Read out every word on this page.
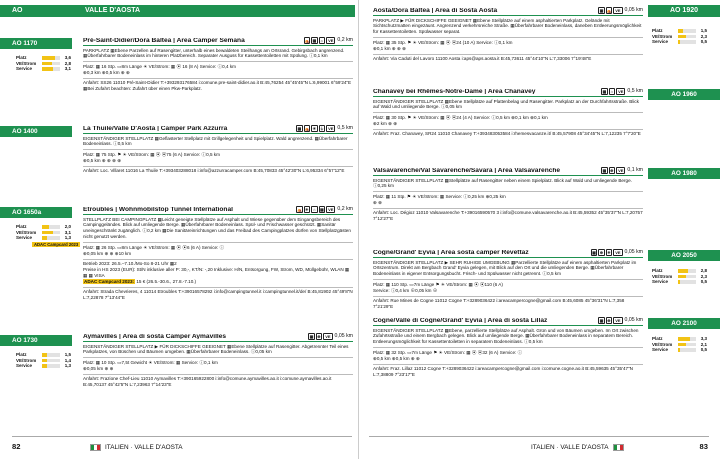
AO	VALLE D'AOSTA
AO 1170
AO 1400
AO 1650a
AO 1730
Platz	3,6
VE/Strom	2,8
Service	3,1
Platz	2,0
VE/Strom	3,1
Service	1,3
ADAC Campcard 2023
Platz	1,5
VE/Strom	1,4
Service	1,3
Pré-Saint-Didier/Dora Baltea | Area Camper Semana	⛺ ▦ ☼	VE 0,2 km
PARKPLATZ ▦Ebene Parzellen auf Rasengitter, unterhalb eines bewaldeten Steilhangs am Ortsrand. Gebirgsbach angrenzend. ▦Überfahrbarer Bodeneinlass im hinteren Platzbereich. Separater Ausguss für Kassettentoiletten mit Spülung. ⓘ0,1 km
Platz: ▦ 16 Stp. ▭8m Länge ☀ VE/Strom: ▦ ⦿ 16 (8 A) Service: ⓘ0,4 km
⊕0,3 km ⊕0,5 km ⊕ ⊕
Anfahrt: SS26 11010 Pré-Saint-Didier T:+393293176584 i:comune.pre-saint-didier.ao.it B:45,76254 45°45'45"N L:6,99001 6°59'24"E ▦Bei Zufahrt beachten: Zufahrt über einen Pkw-Parkplatz.
La Thuile/Valle D'Aosta | Camper Park Azzurra	▦ ⛺ ☀ ⏚	VE 0,5 km
EIGENSTÄNDIGER STELLPLATZ ▦Geflasterter Stellplatz mit Grillgelegenheit und Spielplatz. Wald angrenzend. ▦Überfahrbarer Bodeneinlass. ⓘ0,5 km
Platz: ▦ 75 Stp. ⚑ ☀ VE/Strom: ▦ ⦿ ⦿75 (6 A) Service: ⓘ0,5 km
⊕0,5 km ⊕ ⊕ ⊕ ⊕
Anfahrt: Loc. Villaret 11016 La Thuile T:+393403288018 i:info@azzurracamper.com B:45,70833 45°42'30"N L:6,95334 6°57'12"E
Etroubles | Wohnmobilstop Tunnel International	⛺ ☀	⌂	▦	VE 0,2 km
STELLPLATZ BEI CAMPINGPLATZ ▦Leicht geneigte Stellplätze auf Asphalt und Wiese gegenüber dem Eingangsbereich des Campinggeländes. Blick auf umliegende Berge. ▦Überfahrbarer Bodeneinlass. Spül- und Frischwasser geschützt. ▦Sanitär uneingeschränkt zugänglich. ⓘ0,2 km ▦Die Sanitäreinrichtungen und das Freibad des Campingplatzes dürfen von Stellplatzgästen nicht genutzt werden.
Platz: ▦ 26 Stp. ▭8m Länge ☀ VE/Strom: ▦ ⦿ ⦿6 (6 A) Service: ⓘ
⊕0,05 km ⊕ ⊕ ⊕10 km
Betrieb 2023: 26.5.–7.10./Mo-So 8-21 Uhr ▦2
Preise in HS 2023 (EUR): St/N inklusive aller P: 30,-, KT/N: -,20 Inklusive: H/N, Entsorgung, FW, Strom, WD, Müllgebühr, WLAN ▦ ▦ ▦ VISA
ADAC Campcard 2023: 15 € (26.5.-30.6., 27.8.-7.10.)
Anfahrt: Strada Chevrieres, 4 11014 Etroubles T:+39016578292 i:info@campingtunnel.it i:campingtunnel.it/de/ B:45,81902 45°49'8"N L:7,22878 7°13'44"E
Aymavilles | Area di sosta Camper Aymavilles	▦ ⊕	VE 0,05 km
EIGENSTÄNDIGER STELLPLATZ ▶ FÜR DICKSCHIFFE GEEIGNET ▦Ebene Stellplätze auf Rasengitter. Abgetrennter Teil eines Parkplatzes, von Büschen und Bäumen umgeben. ▦Überfahrbarer Bodeneinlass. ⓘ0,05 km
Platz: ▦ 10 Stp. ▭7,5t Gewicht ☀ VE/Strom: ▦ Service: ⓘ0,1 km
⊕0,05 km ⊕ ⊕
Anfahrt: Frazione Chef-Lieu 11010 Aymavilles T:+390165922800 i:info@comune.aymavilles.ao.it i:comune.aymavilles.ao.it B:45,70137 45°42'5"N L:7,23963 7°14'23"E
82	ITALIEN · VALLE D'AOSTA
AO 1920
AO 1960
AO 1980
AO 2050
AO 2100
Platz	1,5
VE/Strom	2,3
Service	0,5
Platz	2,8
VE/Strom	2,3
Service	0,5
Platz	3,3
VE/Strom	2,1
Service	0,5
Aosta/Dora Baltea | Area di Sosta Aosta	▦ ⛺ VE 0,05 km
PARKPLATZ ▶ FÜR DICKSCHIFFE GEEIGNET ▦Ebene Stellplätze auf einem asphaltierten Parkplatz. Gelände mit Sichtschutzmatten eingezäunt. Angrenzend verkehrsreiche Straße. ▦Überfahrbarer Bodeneinlass, daneben Entleerungsmöglichkeit für Kassettentoiletten. Spülwasser separat.
Platz: ▦ 35 Stp. ⚑ ☀ VE/Strom: ▦ ⦿ ⦿24 (10 A) Service: ⓘ0,1 km
⊕0,1 km ⊕ ⊕ ⊕
Anfahrt: Via Caduti del Lavoro 11100 Aosta i:aps@aps.aosta.it B:45,73611 45°44'10"N L:7,33006 7°19'48"E
Chanavey bei Rhêmes-Notre-Dame | Area Chanavey	▦	⌂	VE 0,5 km
EIGENSTÄNDIGER STELLPLATZ ▦Ebene Stellplätze auf Plattenbelag und Rasengitter. Parkplatz an der Durchfahrtsstraße. Blick auf Wald und umliegende Berge. ⓘ0,05 km
Platz: ▦ 30 Stp. ⚑ ☀ VE/Strom: ▦ ⦿ ⦿24 (4 A) Service: ⓘ0,5 km ⊕0,1 km ⊕0,1 km
⊕2 km ⊕ ⊕
Anfahrt: Fraz. Chanavey, SR24 11010 Chanavey T:+393483053584 i:rhemesvacanze.it/ B:45,57908 45°34'45"N L:7,12235 7°7'20"E
Valsavarenche/Val Savarenche/Savara | Area Valsavarenche	▦ ⊕	VE 0,1 km
EIGENSTÄNDIGER STELLPLATZ ▦Stellplätze auf Rasengitter neben einem Spielplatz. Blick auf Wald und umliegende Berge. ⓘ0,25 km
Platz: ▦ 11 Stp. ⚑ ☀ VE/Strom: ▦ Service: ⓘ0,25 km ⊕0,25 km
⊕ ⊕
Anfahrt: Loc. Dégioz 11010 Valsavarenche T:+39016590570 3 i:info@comune.valsavarenche.ao.it B:45,59352 45°35'37"N L:7,20757 7°12'27"E
Cogne/Grand' Eyvia | Area sosta camper Revettaz	▦ ⊕	☀	VE 0,05 km
EIGENSTÄNDIGER STELLPLATZ ▶ SEHR RUHIGE UMGEBUNG ▦Parzellierte Stellplätze auf einem asphaltierten Parkplatz im Ortszentrum. Direkt am Bergbach Grand' Eyvia gelegen, mit Blick auf den Ort und die umliegenden Berge. ▦Überfahrbarer Bodeneinlass in eigener Entsorgungsbucht. Frisch- und Spülwasser nicht getrennt. ⓘ0,5 km
Platz: ▦ 110 Stp. ▭7m Länge ⚑ ☀ VE/Strom: ▦ ⦿ ⦿110 (6 A)
Service: ⓘ0,4 km ⊕0,05 km ⊕
Anfahrt: Rue Mines de Cogne 11012 Cogne T:+3289036422 i:areacampercogne@gmail.com B:45,6085 45°36'31"N L:7,358 7°21'29"E
Cogne/Valle di Cogne/Grand' Eyvia | Area di sosta Lillaz	▦ ⊕	VE 0,05 km
EIGENSTÄNDIGER STELLPLATZ ▦Ebene, parzellierte Stellplätze auf Asphalt. Grün und von Bäumen umgeben. Im Ort zwischen Zufahrtsstraße und einem Bergbach gelegen. Blick auf umliegende Berge. ▦Überfahrbarer Bodeneinlass in separatem Bereich. Entleerungsmöglichkeit für Kassettentoiletten in separatem Bodeneinlass. ⓘ0,5 km
Platz: ▦ 32 Stp. ▭7m Länge ⚑ ☀ VE/Strom: ▦ ⦿ ⦿32 (6 A) Service: ⓘ
⊕0,5 km ⊕0,5 km ⊕ ⊕
Anfahrt: Fraz. Lillaz 11012 Cogne T:+3289036422 i:areacampercogne@gmail.com i:comune.cogne.ao.it B:45,59635 45°35'47"N L:7,38809 7°23'17"E
ITALIEN · VALLE D'AOSTA	83
